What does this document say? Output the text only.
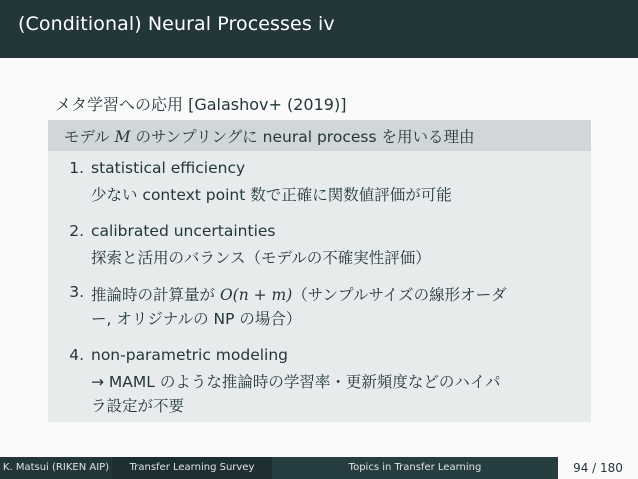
(Conditional) Neural Processes iv
メタ学習への応用 [Galashov+ (2019)]
モデル M のサンプリングに neural process を用いる理由
1. statistical efficiency
少ない context point 数で正確に関数値評価が可能
2. calibrated uncertainties
探索と活用のバランス（モデルの不確実性評価）
3. 推論時の計算量が O(n + m)（サンプルサイズの線形オーダ
ー, オリジナルの NP の場合）
4. non-parametric modeling
→ MAML のような推論時の学習率・更新頻度などのハイパ
ラ設定が不要
K. Matsui (RIKEN AIP)	Transfer Learning Survey	Topics in Transfer Learning	94 / 180
